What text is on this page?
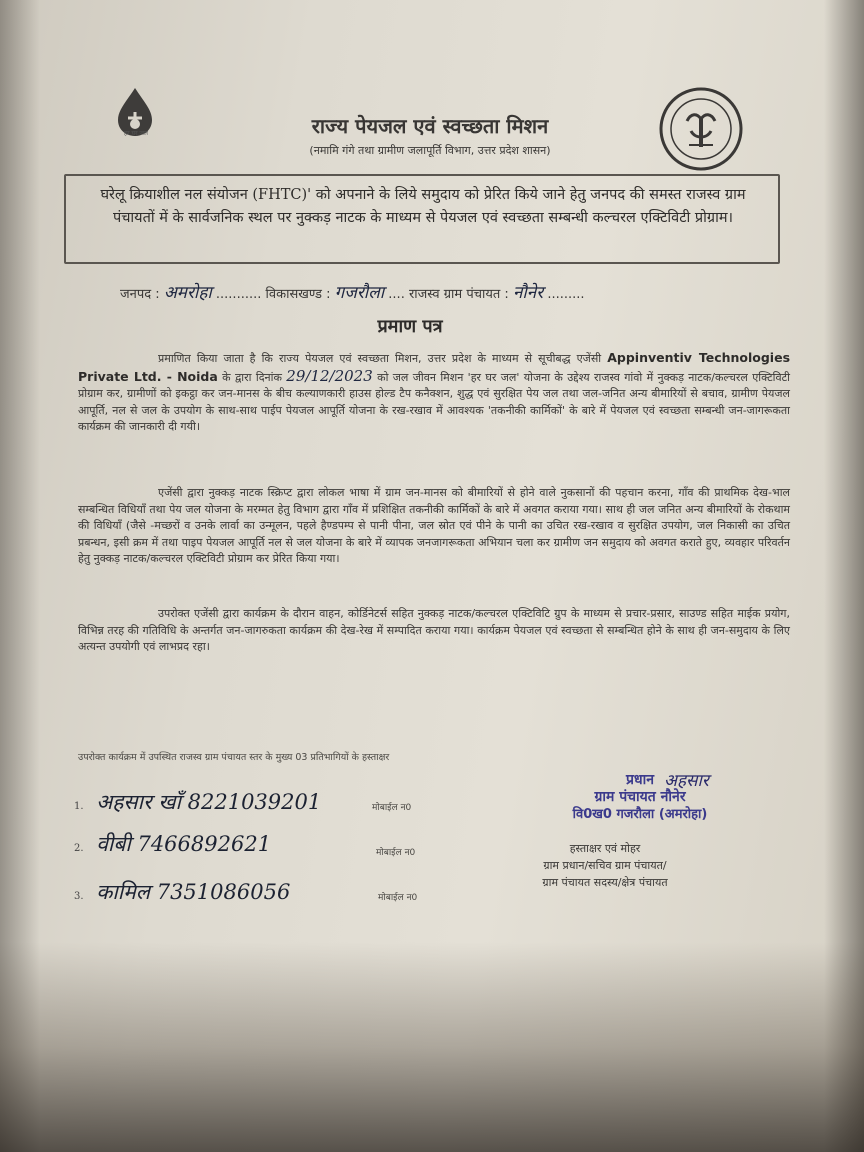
हर घर जल	राज्य पेयजल एवं स्वच्छता मिशन
(नमामि गंगे तथा ग्रामीण जलापूर्ति विभाग, उत्तर प्रदेश शासन)
घरेलू क्रियाशील नल संयोजन (FHTC)' को अपनाने के लिये समुदाय को प्रेरित किये जाने हेतु जनपद की समस्त राजस्व ग्राम पंचायतों में के सार्वजनिक स्थल पर नुक्कड़ नाटक के माध्यम से पेयजल एवं स्वच्छता सम्बन्धी कल्चरल एक्टिविटी प्रोग्राम।
जनपद : अमरोहा ........... विकासखण्ड : गजरौला .... राजस्व ग्राम पंचायत : नौनेर .........
प्रमाण पत्र
प्रमाणित किया जाता है कि राज्य पेयजल एवं स्वच्छता मिशन, उत्तर प्रदेश के माध्यम से सूचीबद्ध एजेंसी Appinventiv Technologies Private Ltd. - Noida के द्वारा दिनांक 29/12/2023 को जल जीवन मिशन 'हर घर जल' योजना के उद्देश्य राजस्व गांवो में नुक्कड़ नाटक/कल्चरल एक्टिविटी प्रोग्राम कर, ग्रामीणों को इकट्ठा कर जन-मानस के बीच कल्याणकारी हाउस होल्ड टैप कनैक्शन, शुद्ध एवं सुरक्षित पेय जल तथा जल-जनित अन्य बीमारियों से बचाव, ग्रामीण पेयजल आपूर्ति, नल से जल के उपयोग के साथ-साथ पाईप पेयजल आपूर्ति योजना के रख-रखाव में आवश्यक 'तकनीकी कार्मिकों' के बारे में पेयजल एवं स्वच्छता सम्बन्धी जन-जागरूकता कार्यक्रम की जानकारी दी गयी।
एजेंसी द्वारा नुक्कड़ नाटक स्क्रिप्ट द्वारा लोकल भाषा में ग्राम जन-मानस को बीमारियों से होने वाले नुकसानों की पहचान करना, गाँव की प्राथमिक देख-भाल सम्बन्धित विधियाँ तथा पेय जल योजना के मरम्मत हेतु विभाग द्वारा गाँव में प्रशिक्षित तकनीकी कार्मिकों के बारे में अवगत कराया गया। साथ ही जल जनित अन्य बीमारियों के रोकथाम की विधियाँ (जैसे -मच्छरों व उनके लार्वा का उन्मूलन, पहले हैण्डपम्प से पानी पीना, जल स्रोत एवं पीने के पानी का उचित रख-रखाव व सुरक्षित उपयोग, जल निकासी का उचित प्रबन्धन, इसी क्रम में तथा पाइप पेयजल आपूर्ति नल से जल योजना के बारे में व्यापक जनजागरूकता अभियान चला कर ग्रामीण जन समुदाय को अवगत कराते हुए, व्यवहार परिवर्तन हेतु नुक्कड़ नाटक/कल्चरल एक्टिविटी प्रोग्राम कर प्रेरित किया गया।
उपरोक्त एजेंसी द्वारा कार्यक्रम के दौरान वाहन, कोर्डिनेटर्स सहित नुक्कड़ नाटक/कल्चरल एक्टिविटि ग्रुप के माध्यम से प्रचार-प्रसार, साउण्ड सहित माईक प्रयोग, विभिन्न तरह की गतिविधि के अन्तर्गत जन-जागरुकता कार्यक्रम की देख-रेख में सम्पादित कराया गया। कार्यक्रम पेयजल एवं स्वच्छता से सम्बन्धित होने के साथ ही जन-समुदाय के लिए अत्यन्त उपयोगी एवं लाभप्रद रहा।
उपरोक्त कार्यक्रम में उपस्थित राजस्व ग्राम पंचायत स्तर के मुख्य 03 प्रतिभागियों के हस्ताक्षर
1. अहसार खाँ 8221039201	मोबाईल न0
2. वीबी 7466892621	मोबाईल न0
3. कामिल 7351086056	मोबाईल न0
अहसार
प्रधान
ग्राम पंचायत नौनेर
वि0ख0 गजरौला (अमरोहा)
हस्ताक्षर एवं मोहर
ग्राम प्रधान/सचिव ग्राम पंचायत/
ग्राम पंचायत सदस्य/क्षेत्र पंचायत
